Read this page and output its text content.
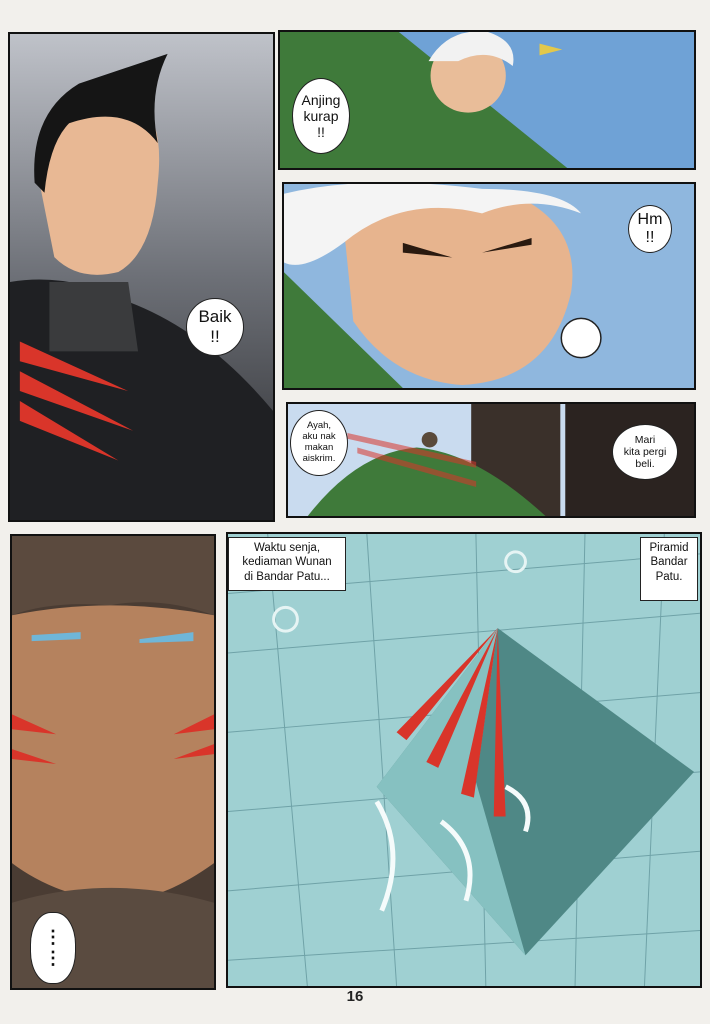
Baik
!!
Anjing
kurap
!!
Hm
!!
Ayah,
aku nak
makan
aiskrim.
Mari
kita pergi
beli.
⋮
⋮
Waktu senja,
kediaman Wunan
di Bandar Patu...
Piramid
Bandar
Patu.
16
